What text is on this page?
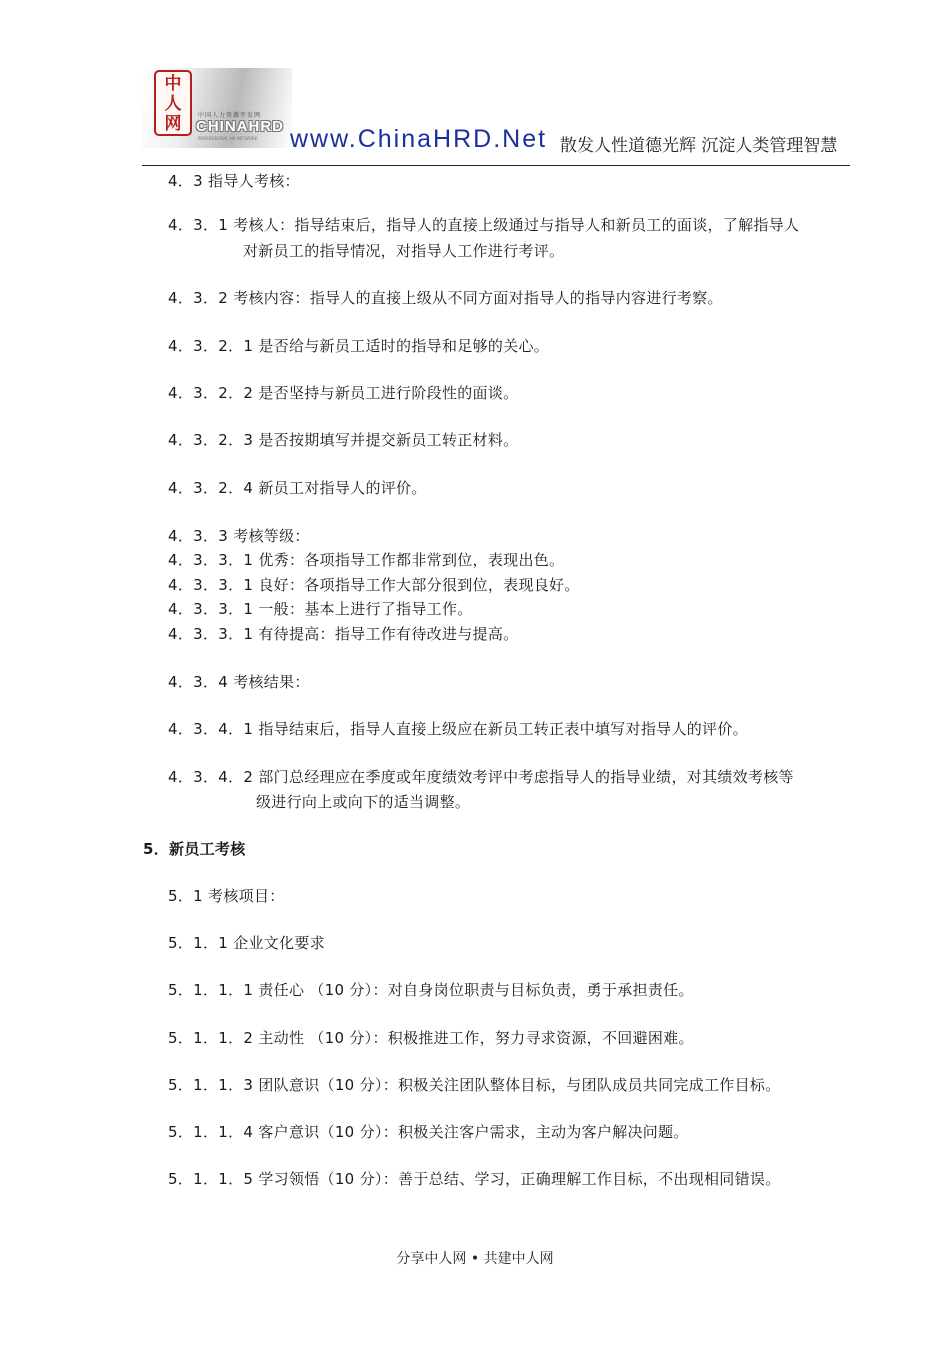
中
人
网	中国人力资源开发网
CHINAHRD
PROFESSIONAL HR NETWORK www.ChinaHRD.Net 散发人性道德光辉 沉淀人类管理智慧
4．3 指导人考核：
4．3．1 考核人：指导结束后，指导人的直接上级通过与指导人和新员工的面谈，了解指导人
对新员工的指导情况，对指导人工作进行考评。
4．3．2 考核内容：指导人的直接上级从不同方面对指导人的指导内容进行考察。
4．3．2．1 是否给与新员工适时的指导和足够的关心。
4．3．2．2 是否坚持与新员工进行阶段性的面谈。
4．3．2．3 是否按期填写并提交新员工转正材料。
4．3．2．4 新员工对指导人的评价。
4．3．3 考核等级：
4．3．3．1 优秀：各项指导工作都非常到位，表现出色。
4．3．3．1 良好：各项指导工作大部分很到位，表现良好。
4．3．3．1 一般：基本上进行了指导工作。
4．3．3．1 有待提高：指导工作有待改进与提高。
4．3．4 考核结果：
4．3．4．1 指导结束后，指导人直接上级应在新员工转正表中填写对指导人的评价。
4．3．4．2 部门总经理应在季度或年度绩效考评中考虑指导人的指导业绩，对其绩效考核等
级进行向上或向下的适当调整。
5．新员工考核
5．1 考核项目：
5．1．1 企业文化要求
5．1．1．1 责任心 （10 分）：对自身岗位职责与目标负责，勇于承担责任。
5．1．1．2 主动性 （10 分）：积极推进工作，努力寻求资源，不回避困难。
5．1．1．3 团队意识（10 分）：积极关注团队整体目标，与团队成员共同完成工作目标。
5．1．1．4 客户意识（10 分）：积极关注客户需求，主动为客户解决问题。
5．1．1．5 学习领悟（10 分）：善于总结、学习，正确理解工作目标，不出现相同错误。
分享中人网 • 共建中人网
